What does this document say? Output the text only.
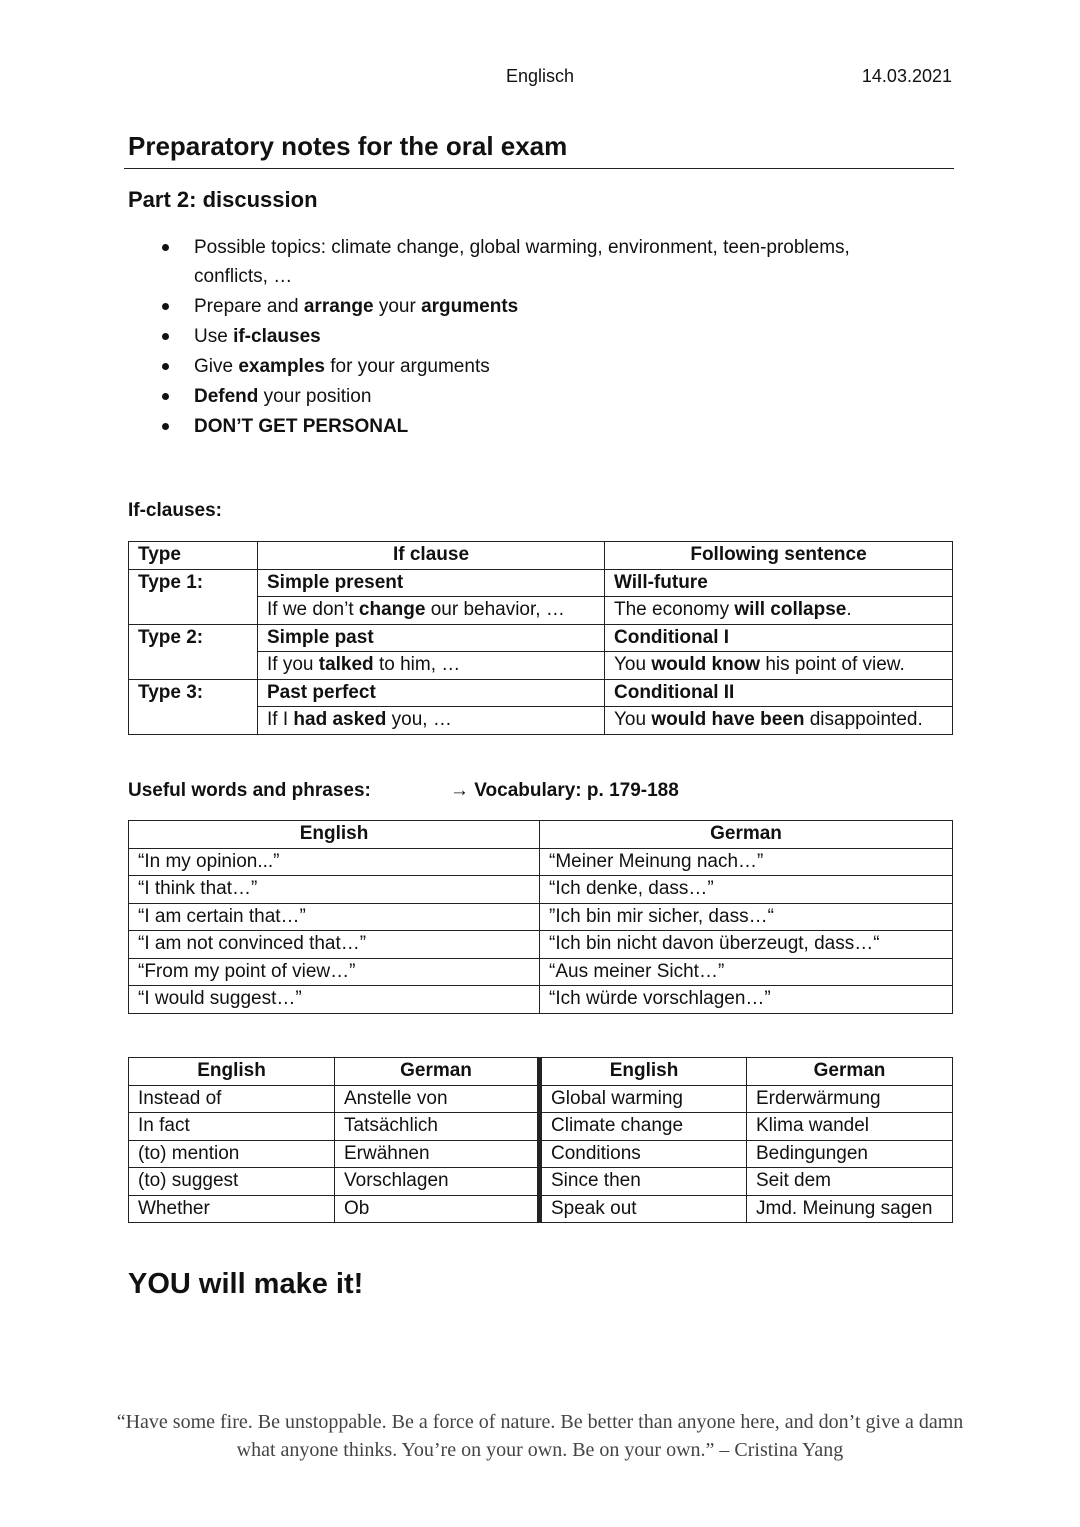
Englisch	14.03.2021
Preparatory notes for the oral exam
Part 2: discussion
Possible topics: climate change, global warming, environment, teen-problems, conflicts, …
Prepare and arrange your arguments
Use if-clauses
Give examples for your arguments
Defend your position
DON’T GET PERSONAL
If-clauses:
Type	If clause	Following sentence
Type 1:	Simple present	Will-future
	If we don’t change our behavior, …	The economy will collapse.
Type 2:	Simple past	Conditional I
	If you talked to him, …	You would know his point of view.
Type 3:	Past perfect	Conditional II
	If I had asked you, …	You would have been disappointed.
Useful words and phrases:	→ Vocabulary: p. 179-188
English	German
“In my opinion...”	“Meiner Meinung nach…”
“I think that…”	“Ich denke, dass…”
“I am certain that…”	”Ich bin mir sicher, dass…“
“I am not convinced that…”	“Ich bin nicht davon überzeugt, dass…“
“From my point of view…”	“Aus meiner Sicht…”
“I would suggest…”	“Ich würde vorschlagen…”
English	German	English	German
Instead of	Anstelle von	Global warming	Erderwärmung
In fact	Tatsächlich	Climate change	Klima wandel
(to) mention	Erwähnen	Conditions	Bedingungen
(to) suggest	Vorschlagen	Since then	Seit dem
Whether	Ob	Speak out	Jmd. Meinung sagen
YOU will make it!
“Have some fire. Be unstoppable. Be a force of nature. Be better than anyone here, and don’t give a damn what anyone thinks. You’re on your own. Be on your own.” – Cristina Yang
